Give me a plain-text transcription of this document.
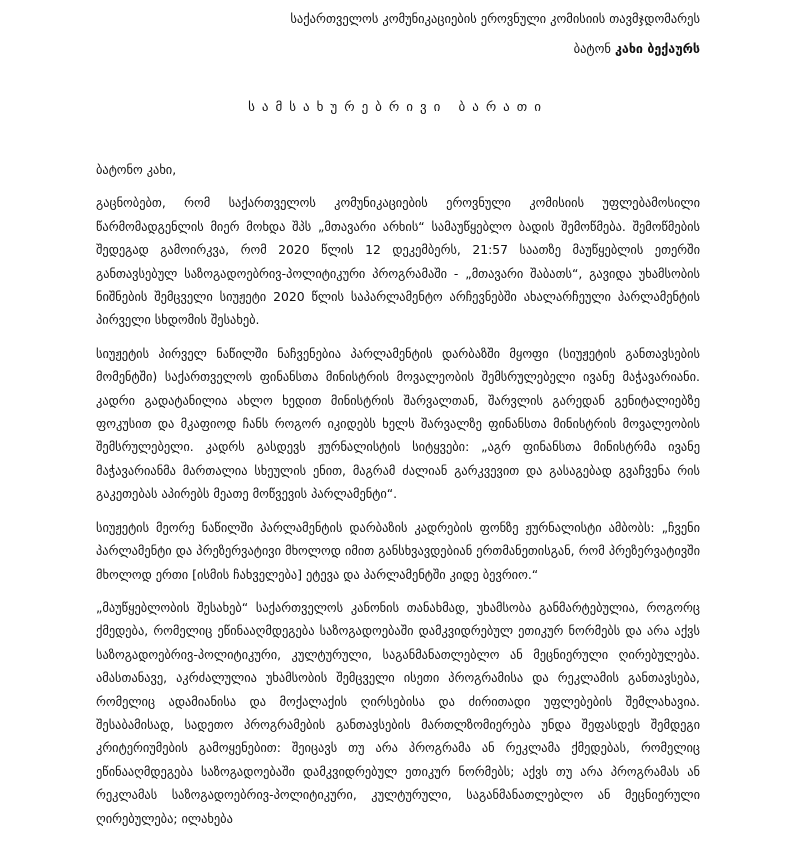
საქართველოს კომუნიკაციების ეროვნული კომისიის თავმჯდომარეს
ბატონ კახი ბექაურს
სამსახურებრივი ბარათი

ბატონო კახი,

გაცნობებთ, რომ საქართველოს კომუნიკაციების ეროვნული კომისიის უფლებამოსილი წარმომადგენლის მიერ მოხდა შპს „მთავარი არხის“ სამაუწყებლო ბადის შემოწმება. შემოწმების შედეგად გამოირკვა, რომ 2020 წლის 12 დეკემბერს, 21:57 საათზე მაუწყებლის ეთერში განთავსებულ საზოგადოებრივ-პოლიტიკური პროგრამაში - „მთავარი შაბათს“, გავიდა უხამსობის ნიშნების შემცველი სიუჟეტი 2020 წლის საპარლამენტო არჩევნებში ახალარჩეული პარლამენტის პირველი სხდომის შესახებ.

სიუჟეტის პირველ ნაწილში ნაჩვენებია პარლამენტის დარბაზში მყოფი (სიუჟეტის განთავსების მომენტში) საქართველოს ფინანსთა მინისტრის მოვალეობის შემსრულებელი ივანე მაჭავარიანი. კადრი გადატანილია ახლო ხედით მინისტრის შარვალთან, შარვლის გარედან გენიტალიებზე ფოკუსით და მკაფიოდ ჩანს როგორ იკიდებს ხელს შარვალზე ფინანსთა მინისტრის მოვალეობის შემსრულებელი. კადრს გასდევს ჟურნალისტის სიტყვები: „აგრ ფინანსთა მინისტრმა ივანე მაჭავარიანმა მართალია სხეულის ენით, მაგრამ ძალიან გარკვევით და გასაგებად გვაჩვენა რის გაკეთებას აპირებს მეათე მოწვევის პარლამენტი“.

სიუჟეტის მეორე ნაწილში პარლამენტის დარბაზის კადრების ფონზე ჟურნალისტი ამბობს: „ჩვენი პარლამენტი და პრეზერვატივი მხოლოდ იმით განსხვავდებიან ერთმანეთისგან, რომ პრეზერვატივში მხოლოდ ერთი [ისმის ჩახველება] ეტევა და პარლამენტში კიდე ბევრიო.“

„მაუწყებლობის შესახებ“ საქართველოს კანონის თანახმად, უხამსობა განმარტებულია, როგორც ქმედება, რომელიც ეწინააღმდეგება საზოგადოებაში დამკვიდრებულ ეთიკურ ნორმებს და არა აქვს საზოგადოებრივ-პოლიტიკური, კულტურული, საგანმანათლებლო ან მეცნიერული ღირებულება. ამასთანავე, აკრძალულია უხამსობის შემცველი ისეთი პროგრამისა და რეკლამის განთავსება, რომელიც ადამიანისა და მოქალაქის ღირსებისა და ძირითადი უფლებების შემლახავია. შესაბამისად, სადეთო პროგრამების განთავსების მართლზომიერება უნდა შეფასდეს შემდეგი კრიტერიუმების გამოყენებით: შეიცავს თუ არა პროგრამა ან რეკლამა ქმედებას, რომელიც ეწინააღმდეგება საზოგადოებაში დამკვიდრებულ ეთიკურ ნორმებს; აქვს თუ არა პროგრამას ან რეკლამას საზოგადოებრივ-პოლიტიკური, კულტურული, საგანმანათლებლო ან მეცნიერული ღირებულება; ილახება
